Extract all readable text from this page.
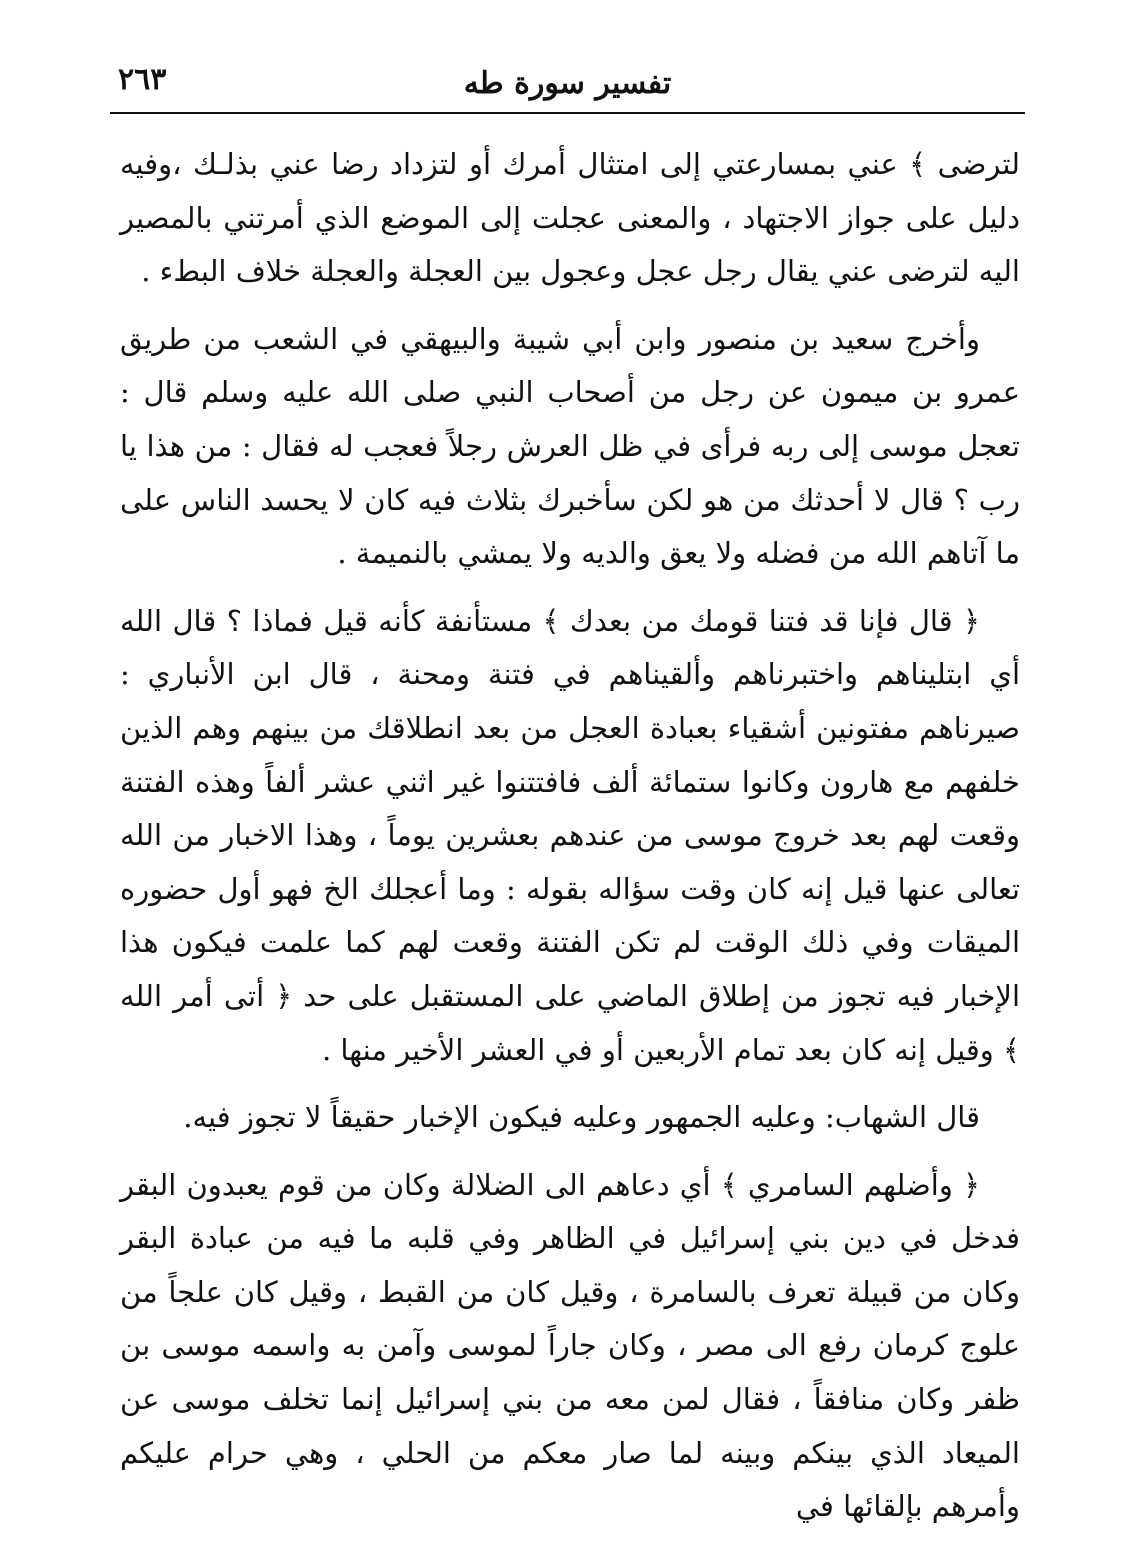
تفسير سورة طه
٢٦٣

لترضى ﴾ عني بمسارعتي إلى امتثال أمرك أو لتزداد رضا عني بذلـك ،وفيه دليل على جواز الاجتهاد ، والمعنى عجلت إلى الموضع الذي أمرتني بالمصير اليه لترضى عني يقال رجل عجل وعجول بين العجلة والعجلة خلاف البطء .

وأخرج سعيد بن منصور وابن أبي شيبة والبيهقي في الشعب من طريق عمرو بن ميمون عن رجل من أصحاب النبي صلى الله عليه وسلم قال : تعجل موسى إلى ربه فرأى في ظل العرش رجلاً فعجب له فقال : من هذا يا رب ؟ قال لا أحدثك من هو لكن سأخبرك بثلاث فيه كان لا يحسد الناس على ما آتاهم الله من فضله ولا يعق والديه ولا يمشي بالنميمة .

﴿ قال فإنا قد فتنا قومك من بعدك ﴾ مستأنفة كأنه قيل فماذا ؟ قال الله أي ابتليناهم واختبرناهم وألقيناهم في فتنة ومحنة ، قال ابن الأنباري : صيرناهم مفتونين أشقياء بعبادة العجل من بعد انطلاقك من بينهم وهم الذين خلفهم مع هارون وكانوا ستمائة ألف فافتتنوا غير اثني عشر ألفاً وهذه الفتنة وقعت لهم بعد خروج موسى من عندهم بعشرين يوماً ، وهذا الاخبار من الله تعالى عنها قيل إنه كان وقت سؤاله بقوله : وما أعجلك الخ فهو أول حضوره الميقات وفي ذلك الوقت لم تكن الفتنة وقعت لهم كما علمت فيكون هذا الإخبار فيه تجوز من إطلاق الماضي على المستقبل على حد ﴿ أتى أمر الله ﴾ وقيل إنه كان بعد تمام الأربعين أو في العشر الأخير منها .

قال الشهاب: وعليه الجمهور وعليه فيكون الإخبار حقيقاً لا تجوز فيه.

﴿ وأضلهم السامري ﴾ أي دعاهم الى الضلالة وكان من قوم يعبدون البقر فدخل في دين بني إسرائيل في الظاهر وفي قلبه ما فيه من عبادة البقر وكان من قبيلة تعرف بالسامرة ، وقيل كان من القبط ، وقيل كان علجاً من علوج كرمان رفع الى مصر ، وكان جاراً لموسى وآمن به واسمه موسى بن ظفر وكان منافقاً ، فقال لمن معه من بني إسرائيل إنما تخلف موسى عن الميعاد الذي بينكم وبينه لما صار معكم من الحلي ، وهي حرام عليكم وأمرهم بإلقائها في
